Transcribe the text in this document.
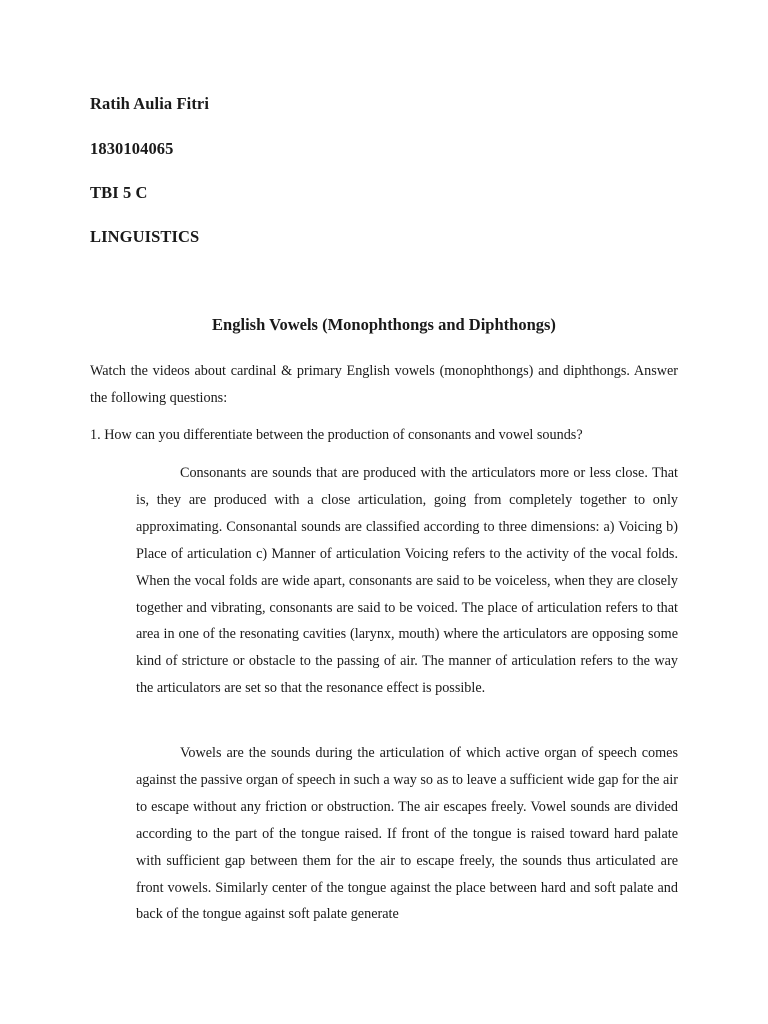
Ratih Aulia Fitri
1830104065
TBI 5 C
LINGUISTICS
English Vowels (Monophthongs and Diphthongs)
Watch the videos about cardinal & primary English vowels (monophthongs) and diphthongs. Answer the following questions:
1. How can you differentiate between the production of consonants and vowel sounds?

Consonants are sounds that are produced with the articulators more or less close. That is, they are produced with a close articulation, going from completely together to only approximating. Consonantal sounds are classified according to three dimensions: a) Voicing b) Place of articulation c) Manner of articulation Voicing refers to the activity of the vocal folds. When the vocal folds are wide apart, consonants are said to be voiceless, when they are closely together and vibrating, consonants are said to be voiced. The place of articulation refers to that area in one of the resonating cavities (larynx, mouth) where the articulators are opposing some kind of stricture or obstacle to the passing of air. The manner of articulation refers to the way the articulators are set so that the resonance effect is possible.

Vowels are the sounds during the articulation of which active organ of speech comes against the passive organ of speech in such a way so as to leave a sufficient wide gap for the air to escape without any friction or obstruction. The air escapes freely. Vowel sounds are divided according to the part of the tongue raised. If front of the tongue is raised toward hard palate with sufficient gap between them for the air to escape freely, the sounds thus articulated are front vowels. Similarly center of the tongue against the place between hard and soft palate and back of the tongue against soft palate generate
